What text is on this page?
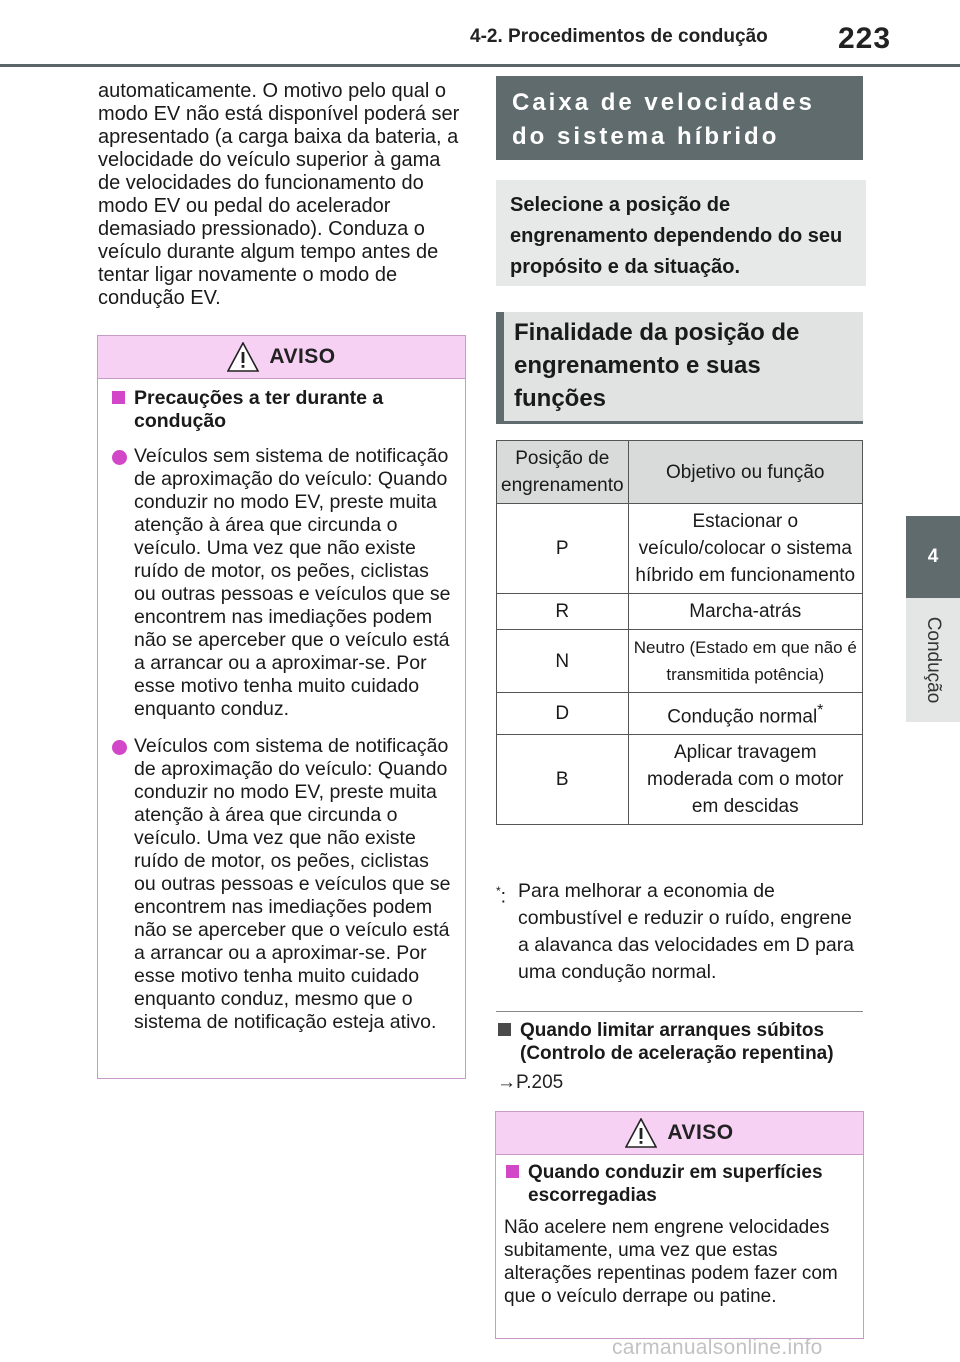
4-2. Procedimentos de condução 223
4
Condução
automaticamente. O motivo pelo qual o modo EV não está disponível poderá ser apresentado (a carga baixa da bateria, a velocidade do veículo superior à gama de velocidades do funcionamento do modo EV ou pedal do acelerador demasiado pressionado). Conduza o veículo durante algum tempo antes de tentar ligar novamente o modo de condução EV.
AVISO
Precauções a ter durante a condução
Veículos sem sistema de notificação de aproximação do veículo: Quando conduzir no modo EV, preste muita atenção à área que circunda o veículo. Uma vez que não existe ruído de motor, os peões, ciclistas ou outras pessoas e veículos que se encontrem nas imediações podem não se aperceber que o veículo está a arrancar ou a aproximar-se. Por esse motivo tenha muito cuidado enquanto conduz.
Veículos com sistema de notificação de aproximação do veículo: Quando conduzir no modo EV, preste muita atenção à área que circunda o veículo. Uma vez que não existe ruído de motor, os peões, ciclistas ou outras pessoas e veículos que se encontrem nas imediações podem não se aperceber que o veículo está a arrancar ou a aproximar-se. Por esse motivo tenha muito cuidado enquanto conduz, mesmo que o sistema de notificação esteja ativo.
Caixa de velocidades do sistema híbrido
Selecione a posição de engrenamento dependendo do seu propósito e da situação.
Finalidade da posição de engrenamento e suas funções
Posição de engrenamento	Objetivo ou função
P	Estacionar o veículo/colocar o sistema híbrido em funcionamento
R	Marcha-atrás
N	Neutro (Estado em que não é transmitida potência)
D	Condução normal*
B	Aplicar travagem moderada com o motor em descidas
*: Para melhorar a economia de combustível e reduzir o ruído, engrene a alavanca das velocidades em D para uma condução normal.
Quando limitar arranques súbitos (Controlo de aceleração repentina)
→P.205
AVISO
Quando conduzir em superfícies escorregadias
Não acelere nem engrene velocidades subitamente, uma vez que estas alterações repentinas podem fazer com que o veículo derrape ou patine.
carmanualsonline.info
